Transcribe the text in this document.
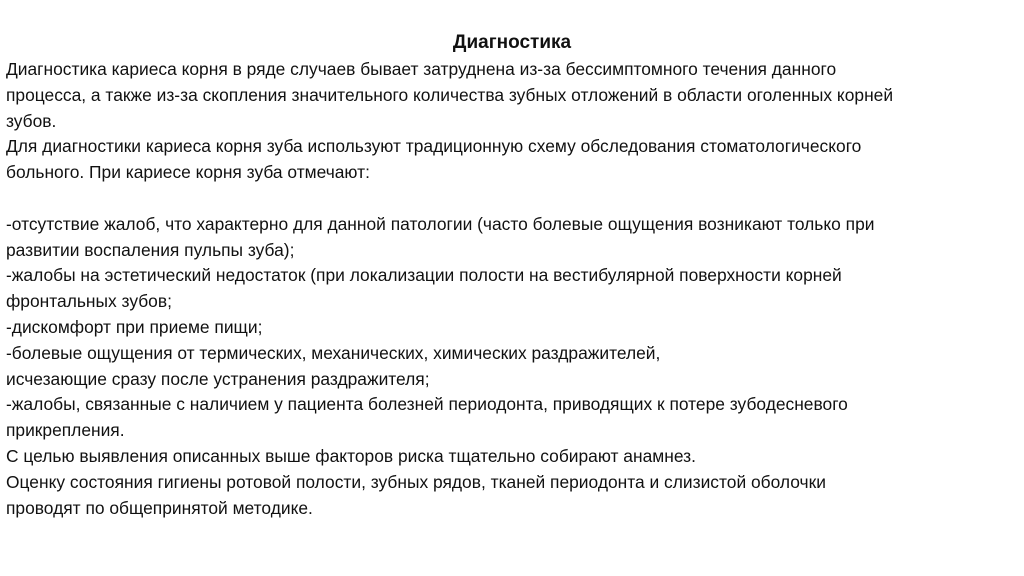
Диагностика

Диагностика кариеса корня в ряде случаев бывает затруднена из-за бессимптомного течения данного

процесса, а также из-за скопления значительного количества зубных отложений в области оголенных корней

зубов.

Для диагностики кариеса корня зуба используют традиционную схему обследования стоматологического

больного. При кариесе корня зуба отмечают:

-отсутствие жалоб, что характерно для данной патологии (часто болевые ощущения возникают только при

развитии воспаления пульпы зуба);

-жалобы на эстетический недостаток (при локализации полости на вестибулярной поверхности корней

фронтальных зубов;

-дискомфорт при приеме пищи;

-болевые ощущения от термических, механических, химических раздражителей,

исчезающие сразу после устранения раздражителя;

-жалобы, связанные с наличием у пациента болезней периодонта, приводящих к потере зубодесневого

прикрепления.

С целью выявления описанных выше факторов риска тщательно собирают анамнез.

Оценку состояния гигиены ротовой полости, зубных рядов, тканей периодонта и слизистой оболочки

проводят по общепринятой методике.
